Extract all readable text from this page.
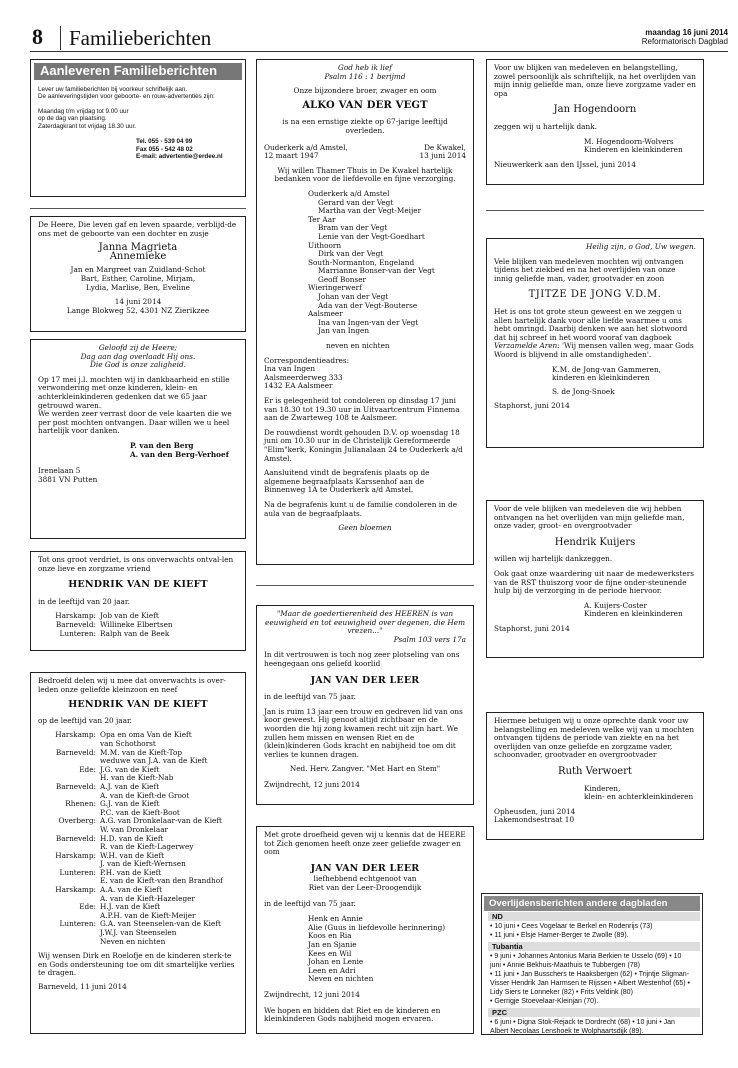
8	Familieberichten	maandag 16 juni 2014
Reformatorisch Dagblad
Aanleveren Familieberichten
Lever uw familieberichten bij voorkeur schriftelijk aan.
De aanleveringstijden voor geboorte- en rouw-advertenties zijn:
Maandag t/m vrijdag tot 9.00 uur
op de dag van plaatsing.
Zaterdagkrant tot vrijdag 18.30 uur.
Tel. 055 - 539 04 99
Fax 055 - 542 48 02
E-mail: advertentie@erdee.nl

De Heere, Die leven gaf en leven spaarde, verblijd-de ons met de geboorte van een dochter en zusje

Janna Magrieta
Annemieke
Jan en Margreet van Zuidland-Schot
Bart, Esther, Caroline, Mirjam,
Lydia, Marlise, Ben, Eveline
14 juni 2014
Lange Blokweg 52, 4301 NZ Zierikzee
Geloofd zij de Heere;
Dag aan dag overlaadt Hij ons.
Die God is onze zaligheid.
Op 17 mei j.l. mochten wij in dankbaarheid en stille verwondering met onze kinderen, klein- en achterkleinkinderen gedenken dat we 65 jaar getrouwd waren.

We werden zeer verrast door de vele kaarten die we per post mochten ontvangen. Daar willen we u heel hartelijk voor danken.

P. van den Berg
A. van den Berg-Verhoef
Irenelaan 5
3881 VN Putten
Tot ons groot verdriet, is ons onverwachts ontval-len onze lieve en zorgzame vriend
HENDRIK VAN DE KIEFT
in de leeftijd van 20 jaar.
Harskamp: Job van de Kieft
Barneveld: Willineke Elbertsen
Lunteren: Ralph van de Beek
Bedroefd delen wij u mee dat onverwachts is over-leden onze geliefde kleinzoon en neef
HENDRIK VAN DE KIEFT
op de leeftijd van 20 jaar.
Harskamp: Opa en oma Van de Kieft
van Schothorst
Barneveld: M.M. van de Kieft-Top
weduwe van J.A. van de Kieft
Ede: J.G. van de Kieft
H. van de Kieft-Nab
Barneveld: A.J. van de Kieft
A. van de Kieft-de Groot
Rhenen: G.J. van de Kieft
P.C. van de Kieft-Boot
Overberg: A.G. van Dronkelaar-van de Kieft
W. van Dronkelaar
Barneveld: H.D. van de Kieft
R. van de Kieft-Lagerwey
Harskamp: W.H. van de Kieft
J. van de Kieft-Wernsen
Lunteren: P.H. van de Kieft
E. van de Kieft-van den Brandhof
Harskamp: A.A. van de Kieft
A. van de Kieft-Hazeleger
Ede: H.J. van de Kieft
A.P.H. van de Kieft-Meijer
Lunteren: G.A. van Steenselen-van de Kieft
J.W.J. van Steenselen
Neven en nichten
Wij wensen Dirk en Roelofje en de kinderen sterk-te en Gods ondersteuning toe om dit smartelijke verlies te dragen.
Barneveld, 11 juni 2014
God heb ik lief
Psalm 116 : 1 berijmd
Onze bijzondere broer, zwager en oom
ALKO VAN DER VEGT
is na een ernstige ziekte op 67-jarige leeftijd overleden.
Ouderkerk a/d Amstel,	De Kwakel,
12 maart 1947	13 juni 2014
Wij willen Thamer Thuis in De Kwakel hartelijk bedanken voor de liefdevolle en fijne verzorging.
Ouderkerk a/d Amstel
Gerard van der Vegt
Martha van der Vegt-Meijer
Ter Aar
Bram van der Vegt
Lenie van der Vegt-Goedhart
Uithoorn
Dirk van der Vegt
South-Normanton, Engeland
Marrianne Bonser-van der Vegt
Geoff Bonser
Wieringerwerf
Johan van der Vegt
Ada van der Vegt-Bouterse
Aalsmeer
Ina van Ingen-van der Vegt
Jan van Ingen
neven en nichten
Correspondentieadres:
Ina van Ingen
Aalsmeerderweg 333
1432 EA Aalsmeer

Er is gelegenheid tot condoleren op dinsdag 17 juni van 18.30 tot 19.30 uur in Uitvaartcentrum Finnema aan de Zwarteweg 108 te Aalsmeer.

De rouwdienst wordt gehouden D.V. op woensdag 18 juni om 10.30 uur in de Christelijk Gereformeerde "Elim"kerk, Koningin Julianalaan 24 te Ouderkerk a/d Amstel.

Aansluitend vindt de begrafenis plaats op de algemene begraafplaats Karssenhof aan de Binnenweg 1A te Ouderkerk a/d Amstel.

Na de begrafenis kunt u de familie condoleren in de aula van de begraafplaats.

Geen bloemen
"Maar de goedertierenheid des HEEREN is van eeuwigheid en tot eeuwigheid over degenen, die Hem vrezen..."
Psalm 103 vers 17a
In dit vertrouwen is toch nog zeer plotseling van ons heengegaan ons geliefd koorlid
JAN VAN DER LEER
in de leeftijd van 75 jaar.
Jan is ruim 13 jaar een trouw en gedreven lid van ons koor geweest. Hij genoot altijd zichtbaar en de woorden die hij zong kwamen recht uit zijn hart. We zullen hem missen en wensen Riet en de (klein)kinderen Gods kracht en nabijheid toe om dit verlies te kunnen dragen.
Ned. Herv. Zangver. "Met Hart en Stem"
Zwijndrecht, 12 juni 2014
Met grote droefheid geven wij u kennis dat de HEERE tot Zich genomen heeft onze zeer geliefde zwager en oom
JAN VAN DER LEER
liefhebbend echtgenoot van
Riet van der Leer-Droogendijk
in de leeftijd van 75 jaar.
Henk en Annie
Alie (Guus in liefdevolle herinnering)
Koos en Ria
Jan en Sjanie
Kees en Wil
Johan en Lenie
Leen en Adri
Neven en nichten
Zwijndrecht, 12 juni 2014
We hopen en bidden dat Riet en de kinderen en kleinkinderen Gods nabijheid mogen ervaren.
Voor uw blijken van medeleven en belangstelling, zowel persoonlijk als schriftelijk, na het overlijden van mijn innig geliefde man, onze lieve zorgzame vader en opa
Jan Hogendoorn
zeggen wij u hartelijk dank.
M. Hogendoorn-Wolvers
Kinderen en kleinkinderen
Nieuwerkerk aan den IJssel, juni 2014
Heilig zijn, o God, Uw wegen.
Vele blijken van medeleven mochten wij ontvangen tijdens het ziekbed en na het overlijden van onze innig geliefde man, vader, grootvader en zoon
TJITZE DE JONG V.D.M.
Het is ons tot grote steun geweest en we zeggen u allen hartelijk dank voor alle liefde waarmee u ons hebt omringd. Daarbij denken we aan het slotwoord dat hij schreef in het woord vooraf van dagboek Verzamelde Aren: 'Wij mensen vallen weg, maar Gods Woord is blijvend in alle omstandigheden'.
K.M. de Jong-van Gammeren,
kinderen en kleinkinderen
S. de Jong-Snoek
Staphorst, juni 2014
Voor de vele blijken van medeleven die wij hebben ontvangen na het overlijden van mijn geliefde man, onze vader, groot- en overgrootvader
Hendrik Kuijers
willen wij hartelijk dankzeggen.
Ook gaat onze waardering uit naar de medewerksters van de RST thuiszorg voor de fijne onder-steunende hulp bij de verzorging in de periode hiervoor.
A. Kuijers-Coster
Kinderen en kleinkinderen
Staphorst, juni 2014
Hiermee betuigen wij u onze oprechte dank voor uw belangstelling en medeleven welke wij van u mochten ontvangen tijdens de periode van ziekte en na het overlijden van onze geliefde en zorgzame vader, schoonvader, grootvader en overgrootvader
Ruth Verwoert
Kinderen,
klein- en achterkleinkinderen
Opheusden, juni 2014
Lakemondsestraat 10
Overlijdensberichten andere dagbladen
ND
• 10 juni • Cees Vogelaar te Berkel en Rodenrijs (73)
• 11 juni • Elsje Hamer-Berger te Zwolle (89).
Tubantia
• 9 juni • Johannes Antonius Maria Berkien te Usselo (69) • 10 juni • Annie Bekhuis-Maathuis te Tubbergen (78)
• 11 juni • Jan Busschers te Haaksbergen (62) • Trijntje Sligman-Visser Hendrik Jan Harmsen te Rijssen • Albert Westenhof (65) • Lidy Siers te Lonneker (82) • Frits Veldink (80)
• Gerrigje Stoevelaar-Kleinjan (70).
PZC
• 6 juni • Digna Stok-Rejack te Dordrecht (68) • 10 juni • Jan Albert Necolaas Lenshoek te Wolphaartsdijk (89).
